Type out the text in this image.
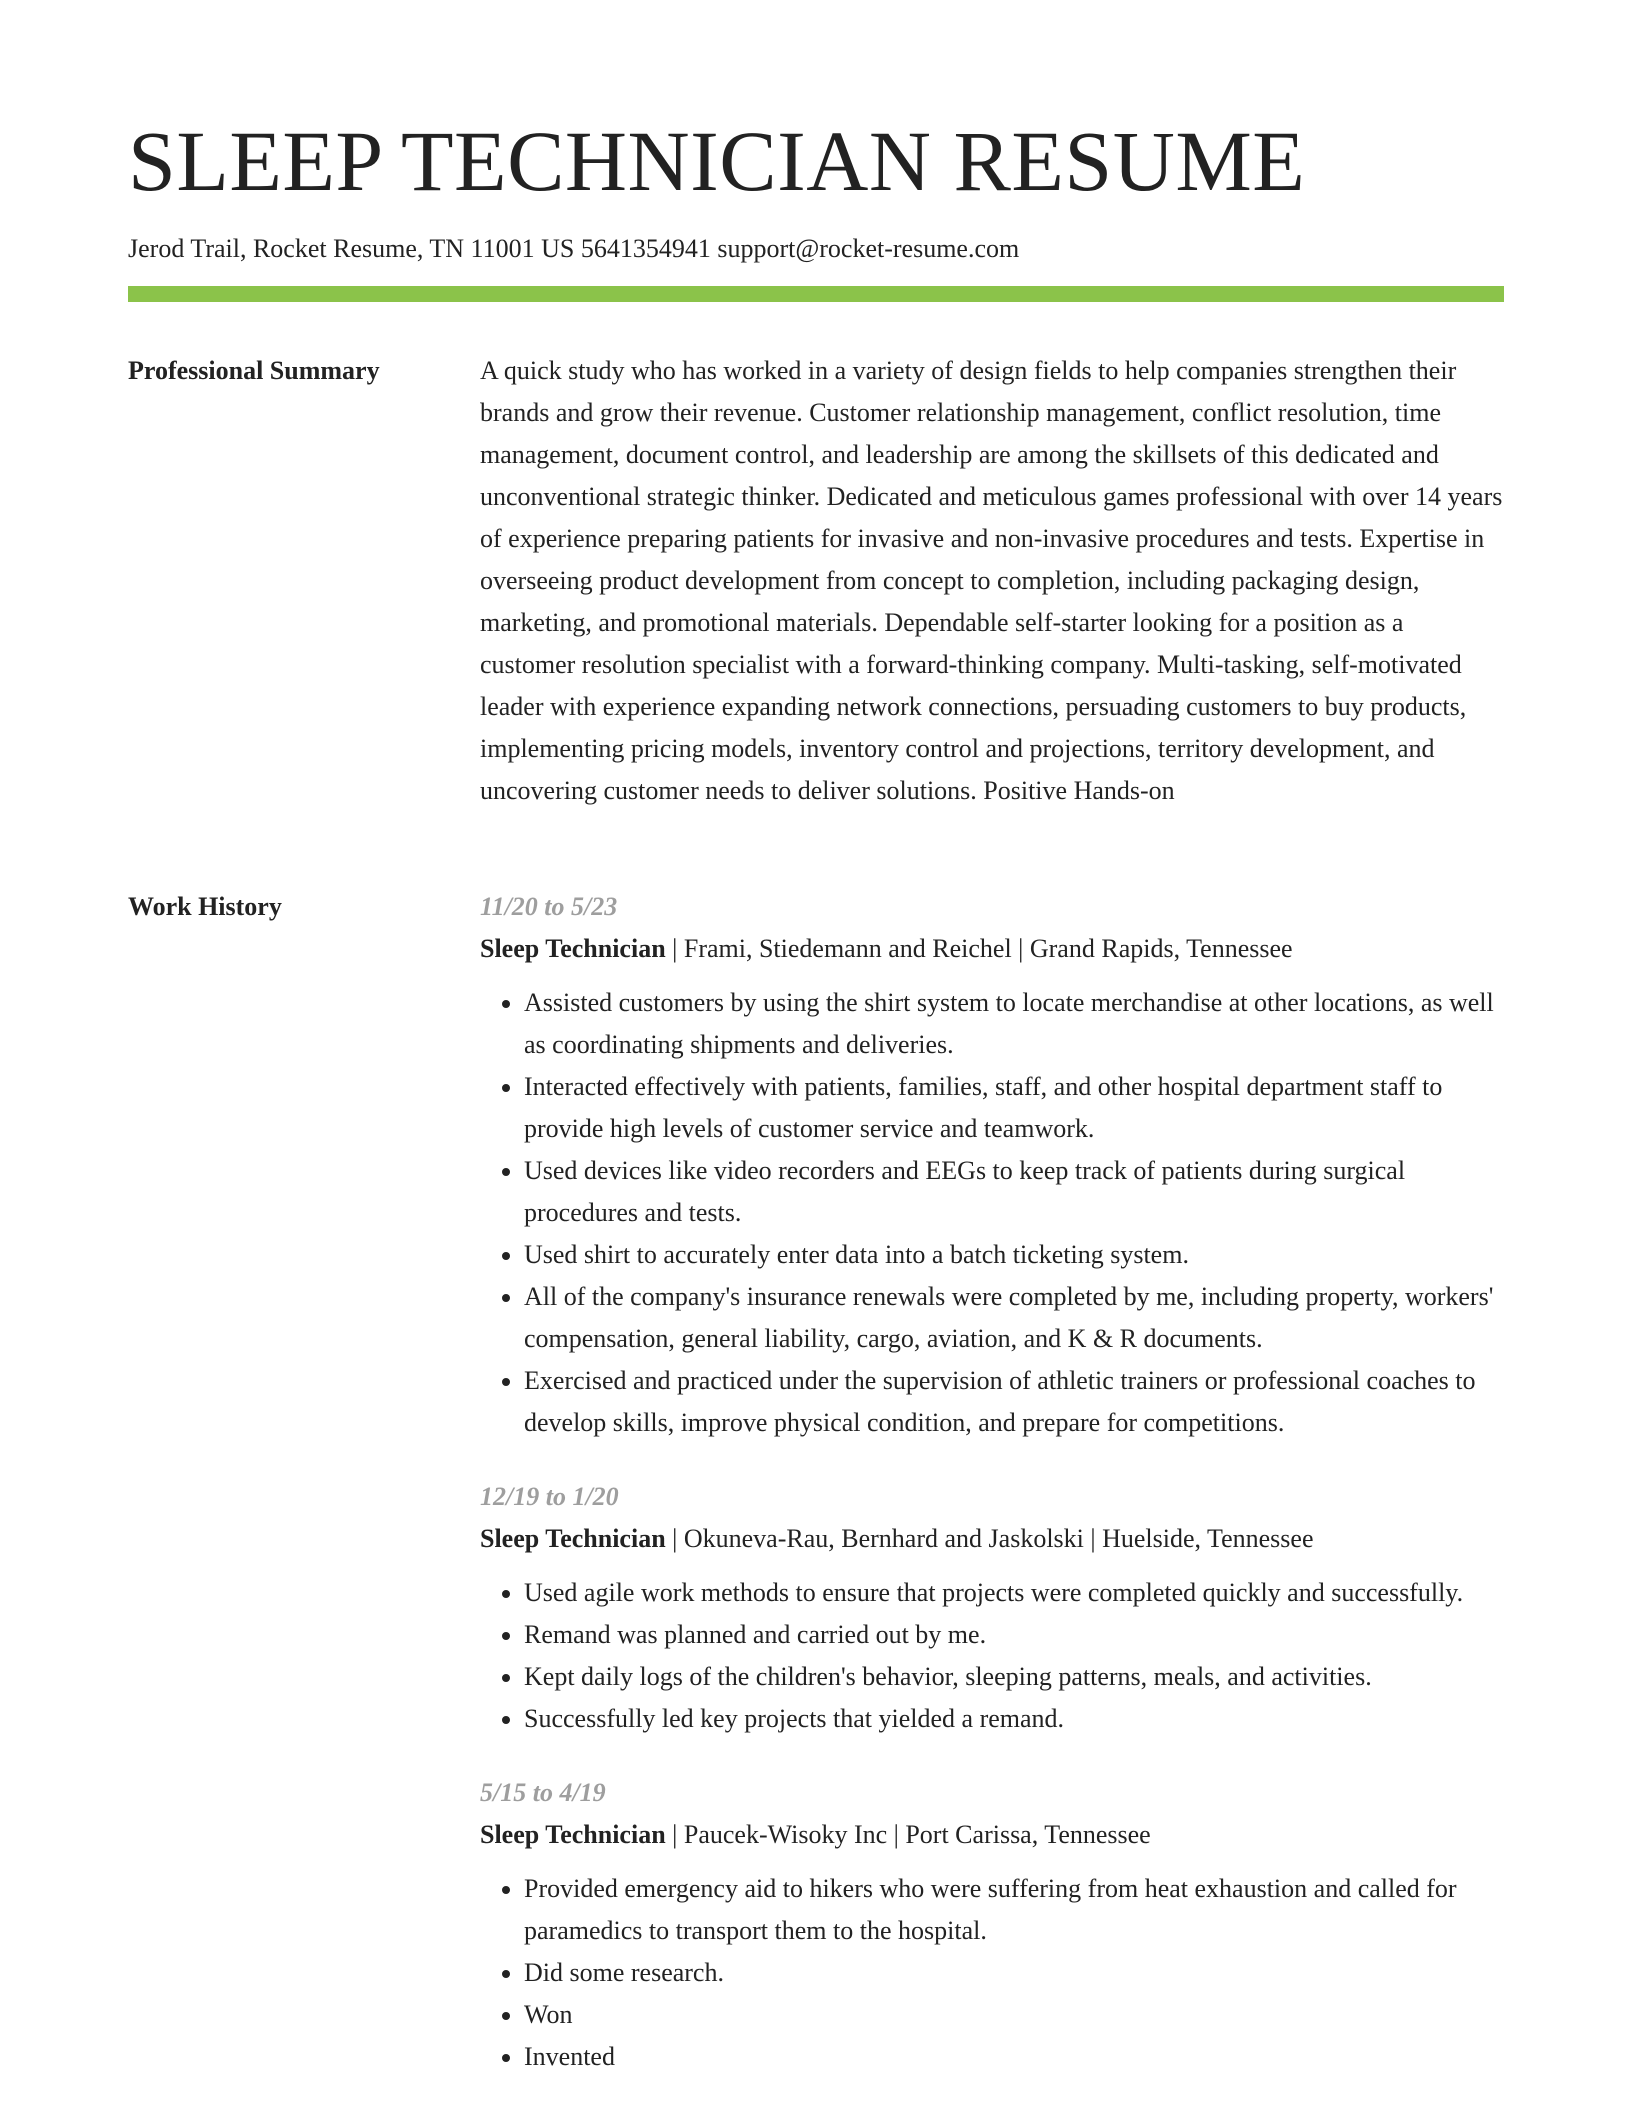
SLEEP TECHNICIAN RESUME
Jerod Trail, Rocket Resume, TN 11001 US 5641354941 support@rocket-resume.com
Professional Summary	A quick study who has worked in a variety of design fields to help companies strengthen their brands and grow their revenue. Customer relationship management, conflict resolution, time management, document control, and leadership are among the skillsets of this dedicated and unconventional strategic thinker. Dedicated and meticulous games professional with over 14 years of experience preparing patients for invasive and non-invasive procedures and tests. Expertise in overseeing product development from concept to completion, including packaging design, marketing, and promotional materials. Dependable self-starter looking for a position as a customer resolution specialist with a forward-thinking company. Multi-tasking, self-motivated leader with experience expanding network connections, persuading customers to buy products, implementing pricing models, inventory control and projections, territory development, and uncovering customer needs to deliver solutions. Positive Hands-on

Work History	11/20 to 5/23
Sleep Technician | Frami, Stiedemann and Reichel | Grand Rapids, Tennessee
• Assisted customers by using the shirt system to locate merchandise at other locations, as well as coordinating shipments and deliveries.
• Interacted effectively with patients, families, staff, and other hospital department staff to provide high levels of customer service and teamwork.
• Used devices like video recorders and EEGs to keep track of patients during surgical procedures and tests.
• Used shirt to accurately enter data into a batch ticketing system.
• All of the company's insurance renewals were completed by me, including property, workers' compensation, general liability, cargo, aviation, and K & R documents.
• Exercised and practiced under the supervision of athletic trainers or professional coaches to develop skills, improve physical condition, and prepare for competitions.
12/19 to 1/20
Sleep Technician | Okuneva-Rau, Bernhard and Jaskolski | Huelside, Tennessee
• Used agile work methods to ensure that projects were completed quickly and successfully.
• Remand was planned and carried out by me.
• Kept daily logs of the children's behavior, sleeping patterns, meals, and activities.
• Successfully led key projects that yielded a remand.
5/15 to 4/19
Sleep Technician | Paucek-Wisoky Inc | Port Carissa, Tennessee
• Provided emergency aid to hikers who were suffering from heat exhaustion and called for paramedics to transport them to the hospital.
• Did some research.
• Won
• Invented
